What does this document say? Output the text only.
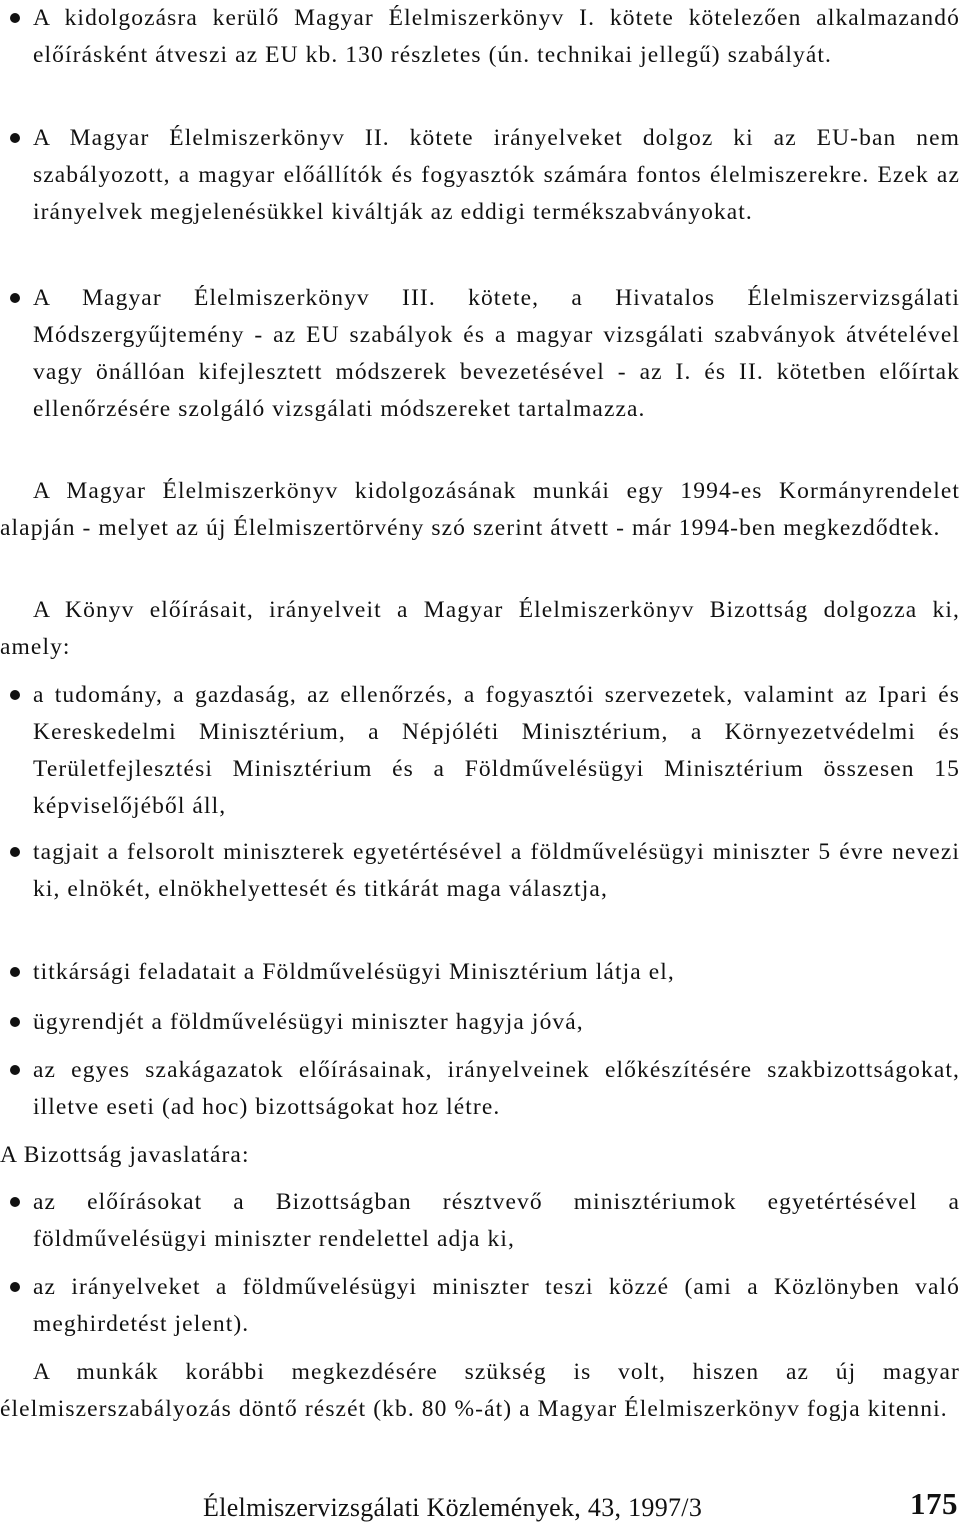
A kidolgozásra kerülő Magyar Élelmiszerkönyv I. kötete kötelezően alkalmazandó előírásként átveszi az EU kb. 130 részletes (ún. technikai jellegű) szabályát.

A Magyar Élelmiszerkönyv II. kötete irányelveket dolgoz ki az EU-ban nem szabályozott, a magyar előállítók és fogyasztók számára fontos élelmiszerekre. Ezek az irányelvek megjelenésükkel kiváltják az eddigi termékszabványokat.

A Magyar Élelmiszerkönyv III. kötete, a Hivatalos Élelmiszervizsgálati Módszergyűjtemény - az EU szabályok és a magyar vizsgálati szabványok átvételével vagy önállóan kifejlesztett módszerek bevezetésével - az I. és II. kötetben előírtak ellenőrzésére szolgáló vizsgálati módszereket tartalmazza.

A Magyar Élelmiszerkönyv kidolgozásának munkái egy 1994-es Kormányrendelet alapján - melyet az új Élelmiszertörvény szó szerint átvett - már 1994-ben megkezdődtek.

A Könyv előírásait, irányelveit a Magyar Élelmiszerkönyv Bizottság dolgozza ki, amely:

a tudomány, a gazdaság, az ellenőrzés, a fogyasztói szervezetek, valamint az Ipari és Kereskedelmi Minisztérium, a Népjóléti Minisztérium, a Környezetvédelmi és Területfejlesztési Minisztérium és a Földművelésügyi Minisztérium összesen 15 képviselőjéből áll,

tagjait a felsorolt miniszterek egyetértésével a földművelésügyi miniszter 5 évre nevezi ki, elnökét, elnökhelyettesét és titkárát maga választja,

titkársági feladatait a Földművelésügyi Minisztérium látja el,

ügyrendjét a földművelésügyi miniszter hagyja jóvá,

az egyes szakágazatok előírásainak, irányelveinek előkészítésére szakbizottságokat, illetve eseti (ad hoc) bizottságokat hoz létre.

A Bizottság javaslatára:

az előírásokat a Bizottságban résztvevő minisztériumok egyetértésével a földművelésügyi miniszter rendelettel adja ki,

az irányelveket a földművelésügyi miniszter teszi közzé (ami a Közlönyben való meghirdetést jelent).

A munkák korábbi megkezdésére szükség is volt, hiszen az új magyar élelmiszerszabályozás döntő részét (kb. 80 %-át) a Magyar Élelmiszerkönyv fogja kitenni.

Élelmiszervizsgálati Közlemények, 43, 1997/3	175
